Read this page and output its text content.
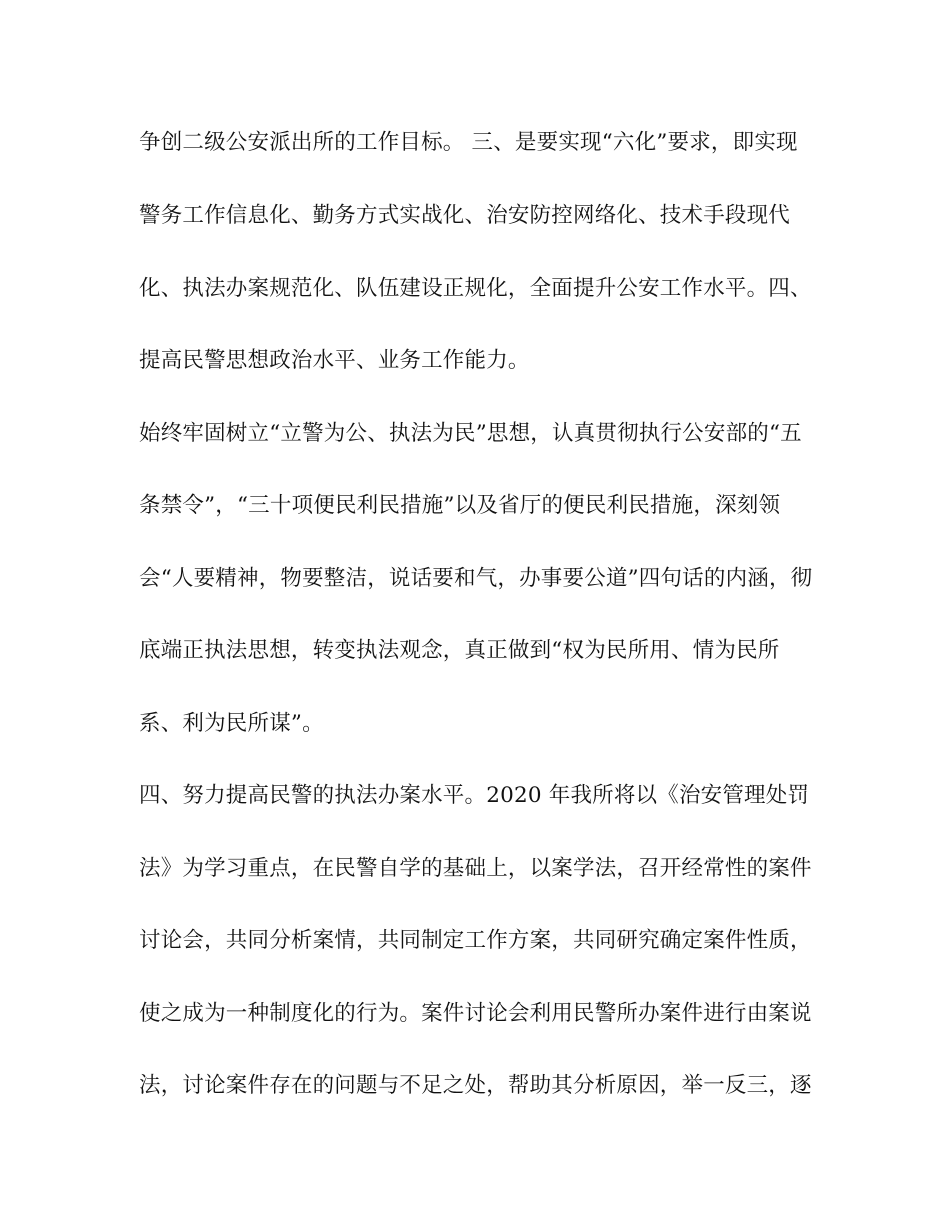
争创二级公安派出所的工作目标。 三、是要实现“六化”要求，即实现
警务工作信息化、勤务方式实战化、治安防控网络化、技术手段现代
化、执法办案规范化、队伍建设正规化，全面提升公安工作水平。四、
提高民警思想政治水平、业务工作能力。
始终牢固树立“立警为公、执法为民”思想，认真贯彻执行公安部的“五
条禁令”，“三十项便民利民措施”以及省厅的便民利民措施，深刻领
会“人要精神，物要整洁，说话要和气，办事要公道”四句话的内涵，彻
底端正执法思想，转变执法观念，真正做到“权为民所用、情为民所
系、利为民所谋”。
四、努力提高民警的执法办案水平。2020 年我所将以《治安管理处罚
法》为学习重点，在民警自学的基础上，以案学法，召开经常性的案件
讨论会，共同分析案情，共同制定工作方案，共同研究确定案件性质，
使之成为一种制度化的行为。案件讨论会利用民警所办案件进行由案说
法，讨论案件存在的问题与不足之处，帮助其分析原因，举一反三，逐
